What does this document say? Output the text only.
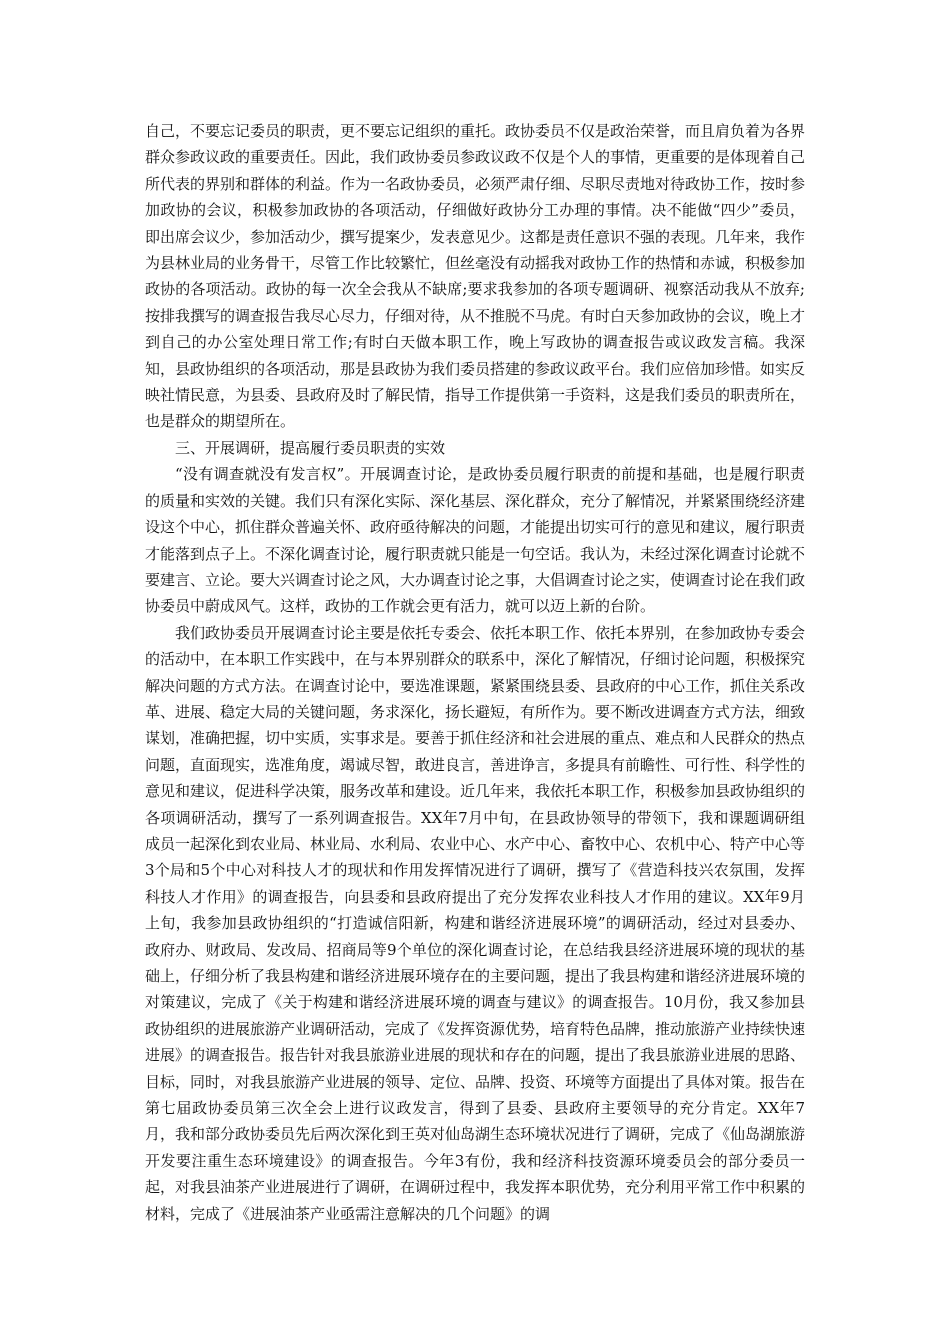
自己，不要忘记委员的职责，更不要忘记组织的重托。政协委员不仅是政治荣誉，而且肩负着为各界群众参政议政的重要责任。因此，我们政协委员参政议政不仅是个人的事情，更重要的是体现着自己所代表的界别和群体的利益。作为一名政协委员，必须严肃仔细、尽职尽责地对待政协工作，按时参加政协的会议，积极参加政协的各项活动，仔细做好政协分工办理的事情。决不能做“四少”委员，即出席会议少，参加活动少，撰写提案少，发表意见少。这都是责任意识不强的表现。几年来，我作为县林业局的业务骨干，尽管工作比较繁忙，但丝毫没有动摇我对政协工作的热情和赤诚，积极参加政协的各项活动。政协的每一次全会我从不缺席;要求我参加的各项专题调研、视察活动我从不放弃;按排我撰写的调查报告我尽心尽力，仔细对待，从不推脱不马虎。有时白天参加政协的会议，晚上才到自己的办公室处理日常工作;有时白天做本职工作，晚上写政协的调查报告或议政发言稿。我深知，县政协组织的各项活动，那是县政协为我们委员搭建的参政议政平台。我们应倍加珍惜。如实反映社情民意，为县委、县政府及时了解民情，指导工作提供第一手资料，这是我们委员的职责所在，也是群众的期望所在。

三、开展调研，提高履行委员职责的实效

“没有调查就没有发言权”。开展调查讨论，是政协委员履行职责的前提和基础，也是履行职责的质量和实效的关键。我们只有深化实际、深化基层、深化群众，充分了解情况，并紧紧围绕经济建设这个中心，抓住群众普遍关怀、政府亟待解决的问题，才能提出切实可行的意见和建议，履行职责才能落到点子上。不深化调查讨论，履行职责就只能是一句空话。我认为，未经过深化调查讨论就不要建言、立论。要大兴调查讨论之风，大办调查讨论之事，大倡调查讨论之实，使调查讨论在我们政协委员中蔚成风气。这样，政协的工作就会更有活力，就可以迈上新的台阶。

我们政协委员开展调查讨论主要是依托专委会、依托本职工作、依托本界别，在参加政协专委会的活动中，在本职工作实践中，在与本界别群众的联系中，深化了解情况，仔细讨论问题，积极探究解决问题的方式方法。在调查讨论中，要选准课题，紧紧围绕县委、县政府的中心工作，抓住关系改革、进展、稳定大局的关键问题，务求深化，扬长避短，有所作为。要不断改进调查方式方法，细致谋划，准确把握，切中实质，实事求是。要善于抓住经济和社会进展的重点、难点和人民群众的热点问题，直面现实，选准角度，竭诚尽智，敢进良言，善进诤言，多提具有前瞻性、可行性、科学性的意见和建议，促进科学决策，服务改革和建设。近几年来，我依托本职工作，积极参加县政协组织的各项调研活动，撰写了一系列调查报告。XX年7月中旬，在县政协领导的带领下，我和课题调研组成员一起深化到农业局、林业局、水利局、农业中心、水产中心、畜牧中心、农机中心、特产中心等3个局和5个中心对科技人才的现状和作用发挥情况进行了调研，撰写了《营造科技兴农氛围，发挥科技人才作用》的调查报告，向县委和县政府提出了充分发挥农业科技人才作用的建议。XX年9月上旬，我参加县政协组织的“打造诚信阳新，构建和谐经济进展环境”的调研活动，经过对县委办、政府办、财政局、发改局、招商局等9个单位的深化调查讨论，在总结我县经济进展环境的现状的基础上，仔细分析了我县构建和谐经济进展环境存在的主要问题，提出了我县构建和谐经济进展环境的对策建议，完成了《关于构建和谐经济进展环境的调查与建议》的调查报告。10月份，我又参加县政协组织的进展旅游产业调研活动，完成了《发挥资源优势，培育特色品牌，推动旅游产业持续快速进展》的调查报告。报告针对我县旅游业进展的现状和存在的问题，提出了我县旅游业进展的思路、目标，同时，对我县旅游产业进展的领导、定位、品牌、投资、环境等方面提出了具体对策。报告在第七届政协委员第三次全会上进行议政发言，得到了县委、县政府主要领导的充分肯定。XX年7月，我和部分政协委员先后两次深化到王英对仙岛湖生态环境状况进行了调研，完成了《仙岛湖旅游开发要注重生态环境建设》的调查报告。今年3有份，我和经济科技资源环境委员会的部分委员一起，对我县油茶产业进展进行了调研，在调研过程中，我发挥本职优势，充分利用平常工作中积累的材料，完成了《进展油茶产业亟需注意解决的几个问题》的调
